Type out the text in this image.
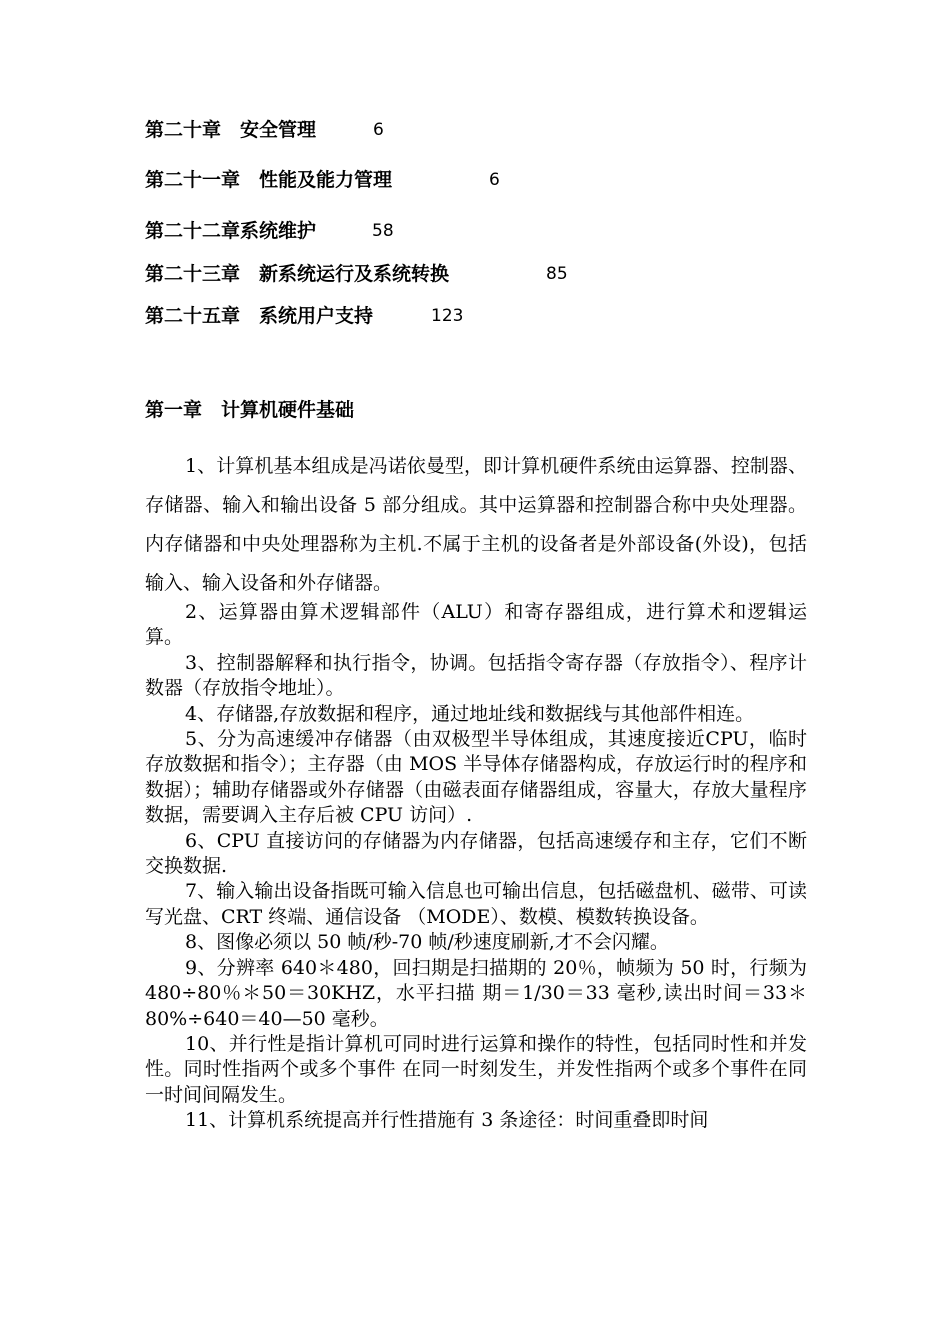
第二十章　安全管理	6
第二十一章　性能及能力管理	6
第二十二章系统维护	58
第二十三章　新系统运行及系统转换	85
第二十五章　系统用户支持	123
第一章　计算机硬件基础
1、计算机基本组成是冯诺依曼型，即计算机硬件系统由运算器、控制器、存储器、输入和输出设备 5 部分组成。其中运算器和控制器合称中央处理器。内存储器和中央处理器称为主机.不属于主机的设备者是外部设备(外设)，包括输入、输入设备和外存储器。

2、运算器由算术逻辑部件（ALU）和寄存器组成，进行算术和逻辑运算。

3、控制器解释和执行指令，协调。包括指令寄存器（存放指令）、程序计数器（存放指令地址）。

4、存储器,存放数据和程序，通过地址线和数据线与其他部件相连。

5、分为高速缓冲存储器（由双极型半导体组成，其速度接近CPU，临时存放数据和指令）；主存器（由 MOS 半导体存储器构成，存放运行时的程序和数据）；辅助存储器或外存储器（由磁表面存储器组成，容量大，存放大量程序数据，需要调入主存后被 CPU 访问）.

6、CPU 直接访问的存储器为内存储器，包括高速缓存和主存，它们不断交换数据.

7、输入输出设备指既可输入信息也可输出信息，包括磁盘机、磁带、可读写光盘、CRT 终端、通信设备 （MODE）、数模、模数转换设备。

8、图像必须以 50 帧/秒-70 帧/秒速度刷新,才不会闪耀。

9、分辨率 640＊480，回扫期是扫描期的 20％，帧频为 50 时，行频为 480÷80％＊50＝30KHZ，水平扫描 期＝1/30＝33 毫秒,读出时间＝33＊80%÷640＝40—50 毫秒。

10、并行性是指计算机可同时进行运算和操作的特性，包括同时性和并发性。同时性指两个或多个事件 在同一时刻发生，并发性指两个或多个事件在同一时间间隔发生。

11、计算机系统提高并行性措施有 3 条途径：时间重叠即时间
